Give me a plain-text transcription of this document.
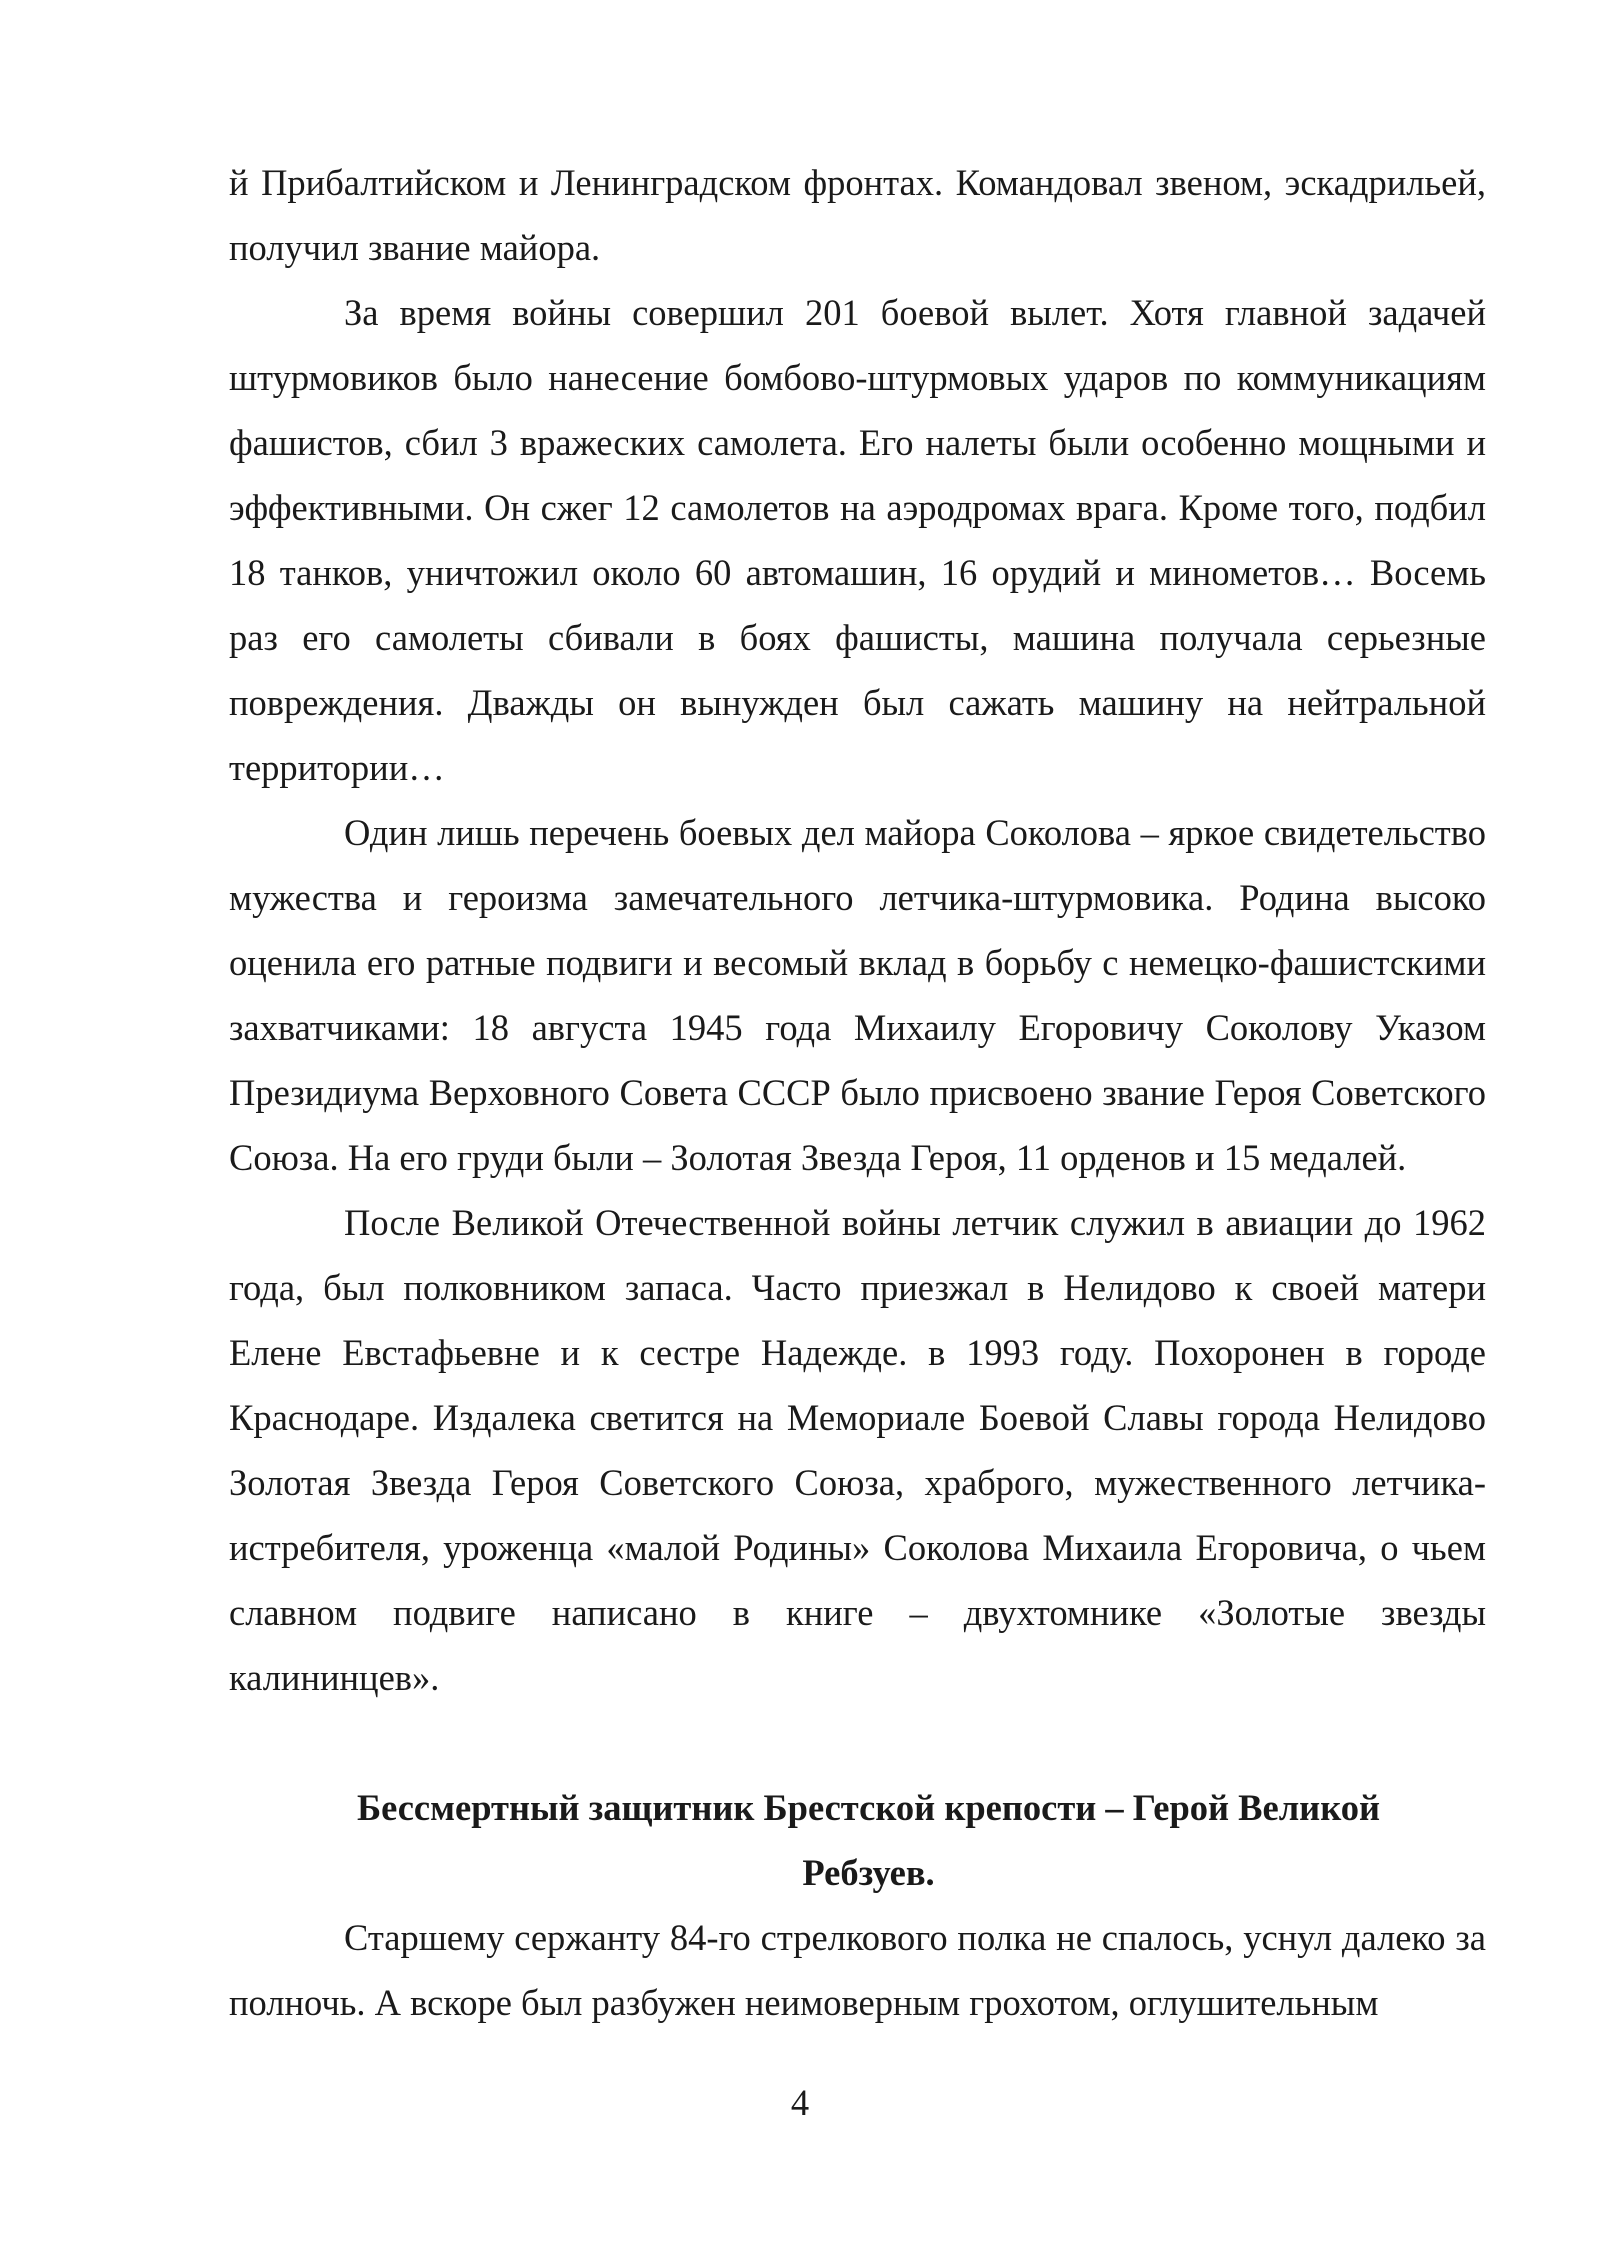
й Прибалтийском и Ленинградском фронтах. Командовал звеном, эскадрильей, получил звание майора.

За время войны совершил 201 боевой вылет. Хотя главной задачей штурмовиков было нанесение бомбово-штурмовых ударов по коммуникациям фашистов, сбил 3 вражеских самолета. Его налеты были особенно мощными и эффективными. Он сжег 12 самолетов на аэродромах врага. Кроме того, подбил 18 танков, уничтожил около 60 автомашин, 16 орудий и минометов… Восемь раз его самолеты сбивали в боях фашисты, машина получала серьезные повреждения. Дважды он вынужден был сажать машину на нейтральной территории…

Один лишь перечень боевых дел майора Соколова – яркое свидетельство мужества и героизма замечательного летчика-штурмовика. Родина высоко оценила его ратные подвиги и весомый вклад в борьбу с немецко-фашистскими захватчиками: 18 августа 1945 года Михаилу Егоровичу Соколову Указом Президиума Верховного Совета СССР было присвоено звание Героя Советского Союза. На его груди были – Золотая Звезда Героя, 11 орденов и 15 медалей.

После Великой Отечественной войны летчик служил в авиации до 1962 года, был полковником запаса. Часто приезжал в Нелидово к своей матери Елене Евстафьевне и к сестре Надежде. в 1993 году. Похоронен в городе Краснодаре. Издалека светится на Мемориале Боевой Славы города Нелидово Золотая Звезда Героя Советского Союза, храброго, мужественного летчика-истребителя, уроженца «малой Родины» Соколова Михаила Егоровича, о чьем славном подвиге написано в книге – двухтомнике «Золотые звезды калининцев».

Бессмертный защитник Брестской крепости – Герой Великой

Ребзуев.

Старшему сержанту 84-го стрелкового полка не спалось, уснул далеко за полночь. А вскоре был разбужен неимоверным грохотом, оглушительным

4
